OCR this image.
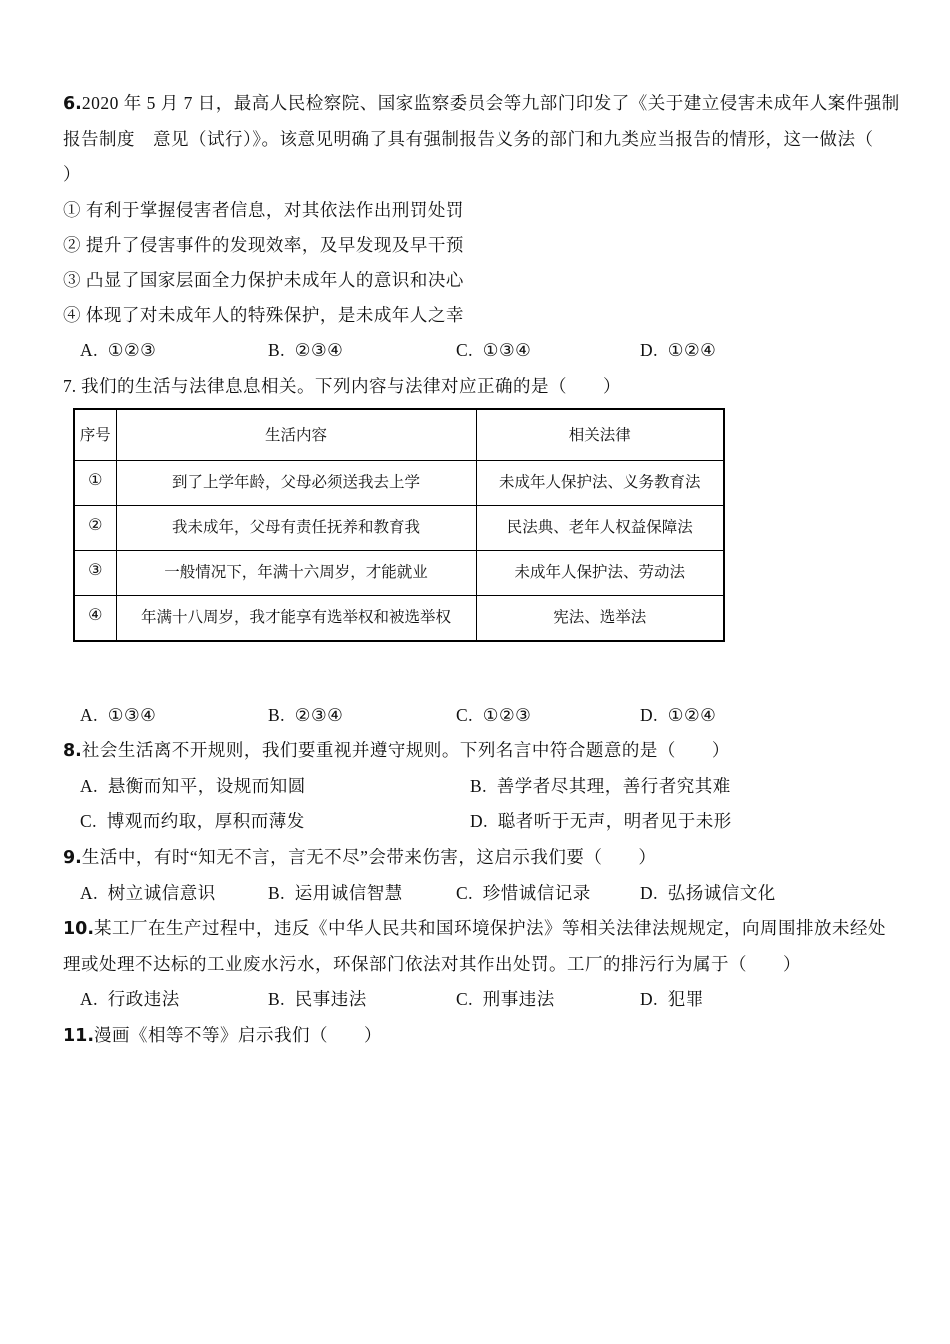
6.2020 年 5 月 7 日，最高人民检察院、国家监察委员会等九部门印发了《关于建立侵害未成年人案件强制
报告制度　意见（试行）》。该意见明确了具有强制报告义务的部门和九类应当报告的情形，这一做法（
）
① 有利于掌握侵害者信息，对其依法作出刑罚处罚
② 提升了侵害事件的发现效率，及早发现及早干预
③ 凸显了国家层面全力保护未成年人的意识和决心
④ 体现了对未成年人的特殊保护，是未成年人之幸
A.  ①②③	B.  ②③④	C.  ①③④	D.  ①②④
7. 我们的生活与法律息息相关。下列内容与法律对应正确的是（　　）
序号	生活内容	相关法律
①	到了上学年龄，父母必须送我去上学	未成年人保护法、义务教育法
②	我未成年，父母有责任抚养和教育我	民法典、老年人权益保障法
③	一般情况下，年满十六周岁，才能就业	未成年人保护法、劳动法
④	年满十八周岁，我才能享有选举权和被选举权	宪法、选举法
A.  ①③④	B.  ②③④	C.  ①②③	D.  ①②④
8.社会生活离不开规则，我们要重视并遵守规则。下列名言中符合题意的是（　　）
A.  悬衡而知平，设规而知圆	B.  善学者尽其理，善行者究其难
C.  博观而约取，厚积而薄发	D.  聪者听于无声，明者见于未形
9.生活中，有时“知无不言，言无不尽”会带来伤害，这启示我们要（　　）
A.  树立诚信意识	B.  运用诚信智慧	C.  珍惜诚信记录	D.  弘扬诚信文化
10.某工厂在生产过程中，违反《中华人民共和国环境保护法》等相关法律法规规定，向周围排放未经处
理或处理不达标的工业废水污水，环保部门依法对其作出处罚。工厂的排污行为属于（　　）
A.  行政违法	B.  民事违法	C.  刑事违法	D.  犯罪
11.漫画《相等不等》启示我们（　　）
